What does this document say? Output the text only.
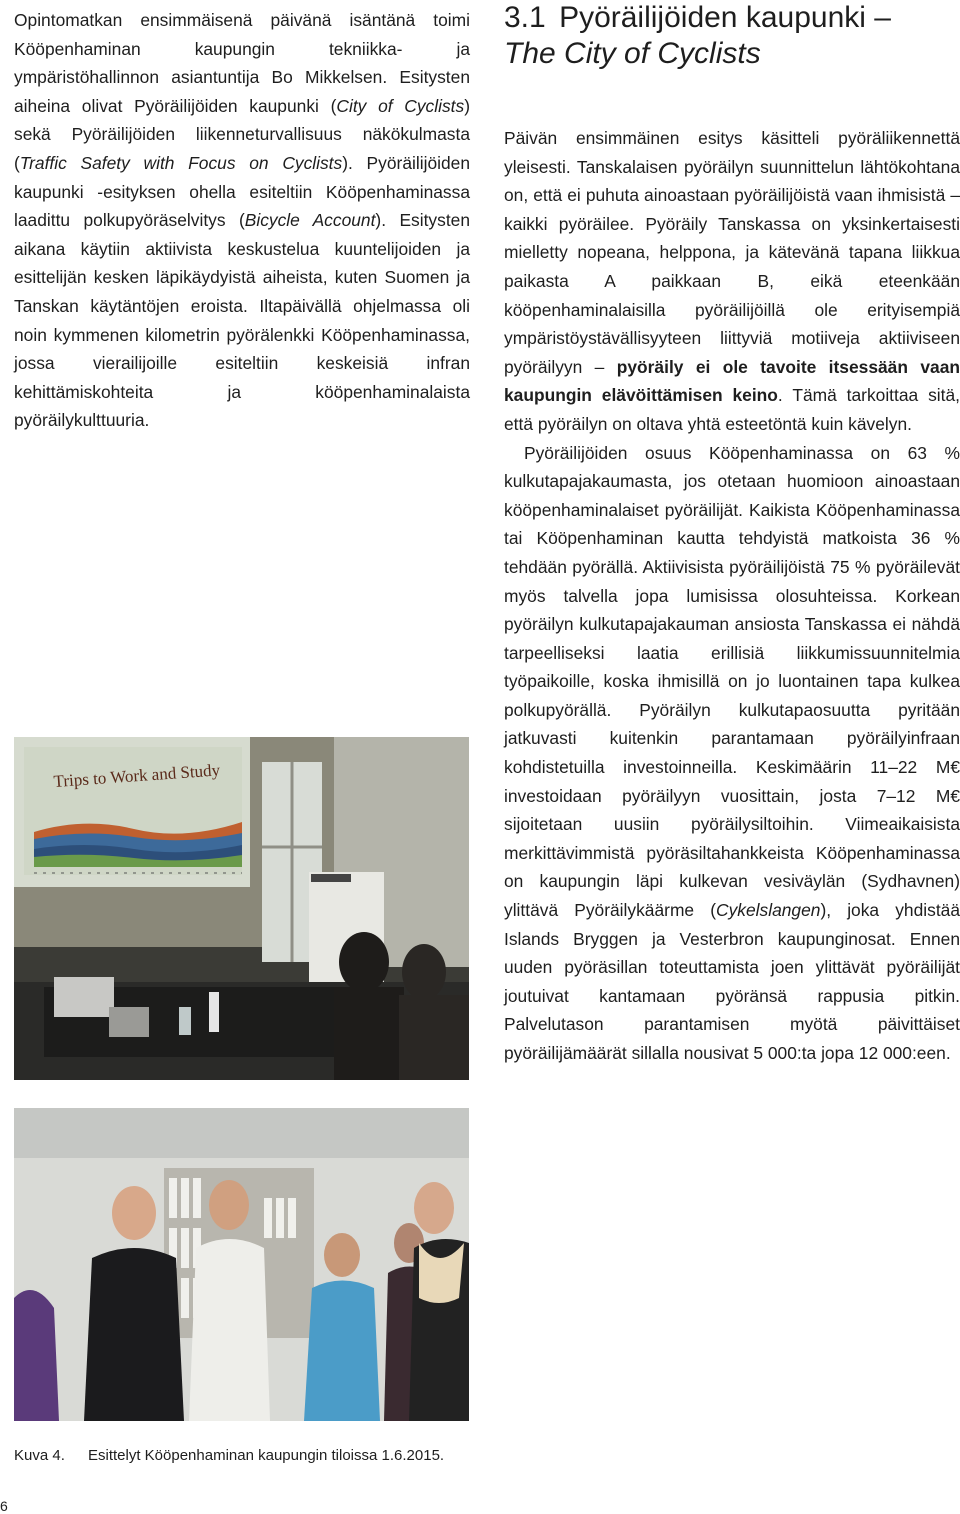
Opintomatkan ensimmäisenä päivänä isäntänä toimi Kööpenhaminan kaupungin tekniikka- ja ympäristöhallinnon asiantuntija Bo Mikkelsen. Esitysten aiheina olivat Pyöräilijöiden kaupunki (City of Cyclists) sekä Pyöräilijöiden liikenneturvallisuus näkökulmasta (Traffic Safety with Focus on Cyclists). Pyöräilijöiden kaupunki -esityksen ohella esiteltiin Kööpenhaminassa laadittu polkupyöräselvitys (Bicycle Account). Esitysten aikana käytiin aktiivista keskustelua kuuntelijoiden ja esittelijän kesken läpikäydyistä aiheista, kuten Suomen ja Tanskan käytäntöjen eroista. Iltapäivällä ohjelmassa oli noin kymmenen kilometrin pyörälenkki Kööpenhaminassa, jossa vierailijoille esiteltiin keskeisiä infran kehittämiskohteita ja kööpenhaminalaista pyöräilykulttuuria.

3.1 Pyöräilijöiden kaupunki –
The City of Cyclists

Päivän ensimmäinen esitys käsitteli pyöräliikennettä yleisesti. Tanskalaisen pyöräilyn suunnittelun lähtökohtana on, että ei puhuta ainoastaan pyöräilijöistä vaan ihmisistä – kaikki pyöräilee. Pyöräily Tanskassa on yksinkertaisesti mielletty nopeana, helppona, ja kätevänä tapana liikkua paikasta A paikkaan B, eikä eteenkään kööpenhaminalaisilla pyöräilijöillä ole erityisempiä ympäristöystävällisyyteen liittyviä motiiveja aktiiviseen pyöräilyyn – pyöräily ei ole tavoite itsessään vaan kaupungin elävöittämisen keino. Tämä tarkoittaa sitä, että pyöräilyn on oltava yhtä esteetöntä kuin kävelyn.

Pyöräilijöiden osuus Kööpenhaminassa on 63 % kulkutapajakaumasta, jos otetaan huomioon ainoastaan kööpenhaminalaiset pyöräilijät. Kaikista Kööpenhaminassa tai Kööpenhaminan kautta tehdyistä matkoista 36 % tehdään pyörällä. Aktiivisista pyöräilijöistä 75 % pyöräilevät myös talvella jopa lumisissa olosuhteissa. Korkean pyöräilyn kulkutapajakauman ansiosta Tanskassa ei nähdä tarpeelliseksi laatia erillisiä liikkumissuunnitelmia työpaikoille, koska ihmisillä on jo luontainen tapa kulkea polkupyörällä. Pyöräilyn kulkutapaosuutta pyritään jatkuvasti kuitenkin parantamaan pyöräilyinfraan kohdistetuilla investoinneilla. Keskimäärin 11–22 M€ investoidaan pyöräilyyn vuosittain, josta 7–12 M€ sijoitetaan uusiin pyöräilysiltoihin. Viimeaikaisista merkittävimmistä pyöräsiltahankkeista Kööpenhaminassa on kaupungin läpi kulkevan vesiväylän (Sydhavnen) ylittävä Pyöräilykäärme (Cykelslangen), joka yhdistää Islands Bryggen ja Vesterbron kaupunginosat. Ennen uuden pyöräsillan toteuttamista joen ylittävät pyöräilijät joutuivat kantamaan pyöränsä rappusia pitkin. Palvelutason parantamisen myötä päivittäiset pyöräilijämäärät sillalla nousivat 5 000:ta jopa 12 000:een.

Trips to Work and Study
Kuva 4. Esittelyt Kööpenhaminan kaupungin tiloissa 1.6.2015.
6
